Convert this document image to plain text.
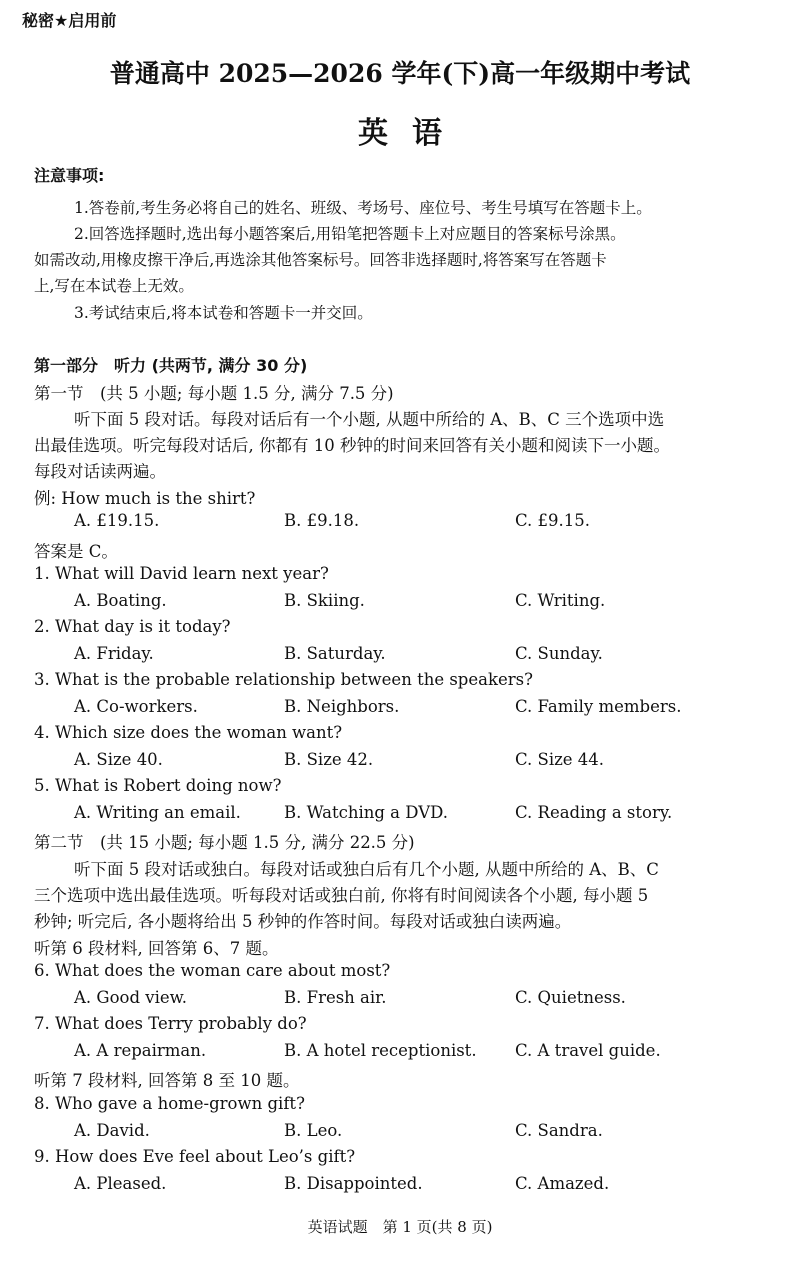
秘密★启用前
普通高中 2025—2026 学年(下)高一年级期中考试
英语
注意事项:
1.答卷前,考生务必将自己的姓名、班级、考场号、座位号、考生号填写在答题卡上。
2.回答选择题时,选出每小题答案后,用铅笔把答题卡上对应题目的答案标号涂黑。
如需改动,用橡皮擦干净后,再选涂其他答案标号。回答非选择题时,将答案写在答题卡
上,写在本试卷上无效。
3.考试结束后,将本试卷和答题卡一并交回。
第一部分　听力 (共两节, 满分 30 分)
第一节　(共 5 小题; 每小题 1.5 分, 满分 7.5 分)
听下面 5 段对话。每段对话后有一个小题, 从题中所给的 A、B、C 三个选项中选
出最佳选项。听完每段对话后, 你都有 10 秒钟的时间来回答有关小题和阅读下一小题。
每段对话读两遍。
例: How much is the shirt?
A. £19.15.	B. £9.18.	C. £9.15.
答案是 C。
1. What will David learn next year?
A. Boating.	B. Skiing.	C. Writing.
2. What day is it today?
A. Friday.	B. Saturday.	C. Sunday.
3. What is the probable relationship between the speakers?
A. Co-workers.	B. Neighbors.	C. Family members.
4. Which size does the woman want?
A. Size 40.	B. Size 42.	C. Size 44.
5. What is Robert doing now?
A. Writing an email.	B. Watching a DVD.	C. Reading a story.
第二节　(共 15 小题; 每小题 1.5 分, 满分 22.5 分)
听下面 5 段对话或独白。每段对话或独白后有几个小题, 从题中所给的 A、B、C
三个选项中选出最佳选项。听每段对话或独白前, 你将有时间阅读各个小题, 每小题 5
秒钟; 听完后, 各小题将给出 5 秒钟的作答时间。每段对话或独白读两遍。
听第 6 段材料, 回答第 6、7 题。
6. What does the woman care about most?
A. Good view.	B. Fresh air.	C. Quietness.
7. What does Terry probably do?
A. A repairman.	B. A hotel receptionist. C. A travel guide.
听第 7 段材料, 回答第 8 至 10 题。
8. Who gave a home-grown gift?
A. David.	B. Leo.	C. Sandra.
9. How does Eve feel about Leo’s gift?
A. Pleased.	B. Disappointed.	C. Amazed.
英语试题　第 1 页(共 8 页)
